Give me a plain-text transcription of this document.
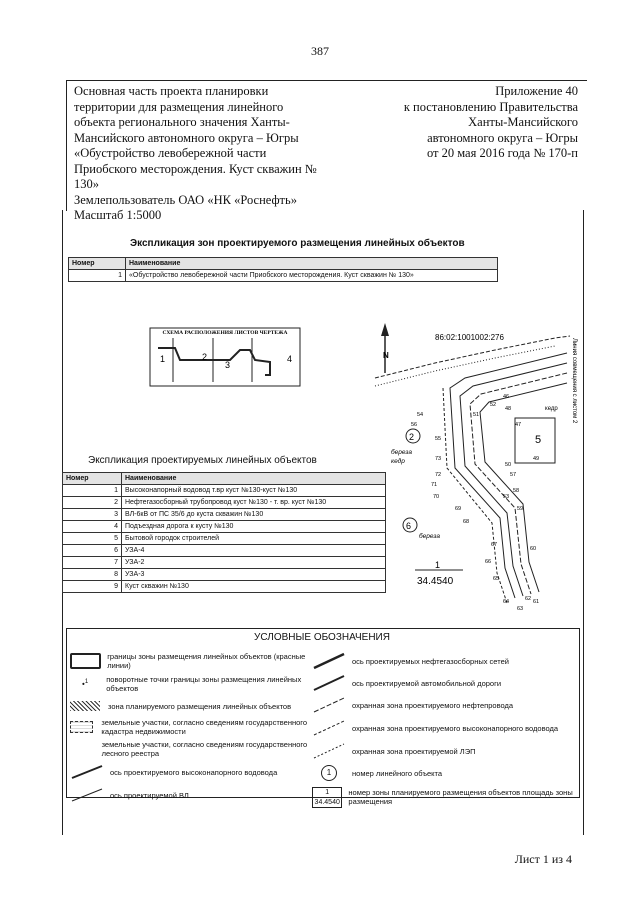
387
Основная часть проекта планировки
территории для размещения линейного
объекта регионального значения Ханты-
Мансийского автономного округа – Югры
«Обустройство левобережной части
Приобского месторождения. Куст скважин №
130»
Землепользователь ОАО «НК «Роснефть»
Масштаб 1:5000
Приложение 40
к постановлению Правительства
Ханты-Мансийского
автономного округа – Югры
от 20 мая 2016 года № 170-п
Экспликация зон проектируемого размещения линейных объектов
Номер	Наименование
1	«Обустройство левобережной части Приобского месторождения. Куст скважин № 130»
СХЕМА РАСПОЛОЖЕНИЯ ЛИСТОВ ЧЕРТЕЖА
1	2
3
4
Экспликация проектируемых линейных объектов
Номер	Наименование
1	Высоконапорный водовод т.вр куст №130-куст №130
2	Нефтегазосборный трубопровод куст №130 - т. вр. куст №130
3	ВЛ-6кВ от ПС 35/6 до куста скважин №130
4	Подъездная дорога к кусту №130
5	Бытовой городок строителей
6	УЗА-4
7	УЗА-2
8	УЗА-3
9	Куст скважин №130
N
86:02:1001002:276
5
2
6
береза
кедр
береза
кедр
1
34.4540
Линия совмещения с листом 2
46
47
48
49
50
51
52
53
54
55
56
57
58
59
60
61
62
63
64
65
66
67
68
69
70
71
72
73
УСЛОВНЫЕ ОБОЗНАЧЕНИЯ
границы зоны размещения линейных объектов (красные линии)
•$^1$	поворотные точки границы зоны размещения линейных объектов
зона планируемого размещения линейных объектов
земельные участки, согласно сведениям государственного кадастра недвижимости
земельные участки, согласно сведениям государственного лесного реестра
ось проектируемого высоконапорного водовода
ось проектируемой ВЛ
ось проектируемых нефтегазосборных сетей
ось проектируемой автомобильной дороги
охранная зона проектируемого нефтепровода
охранная зона проектируемого высоконапорного водовода
охранная зона проектируемой ЛЭП
1	номер линейного объекта
1
34.4540
номер зоны планируемого размещения объектов площадь зоны размещения
Лист 1 из 4
